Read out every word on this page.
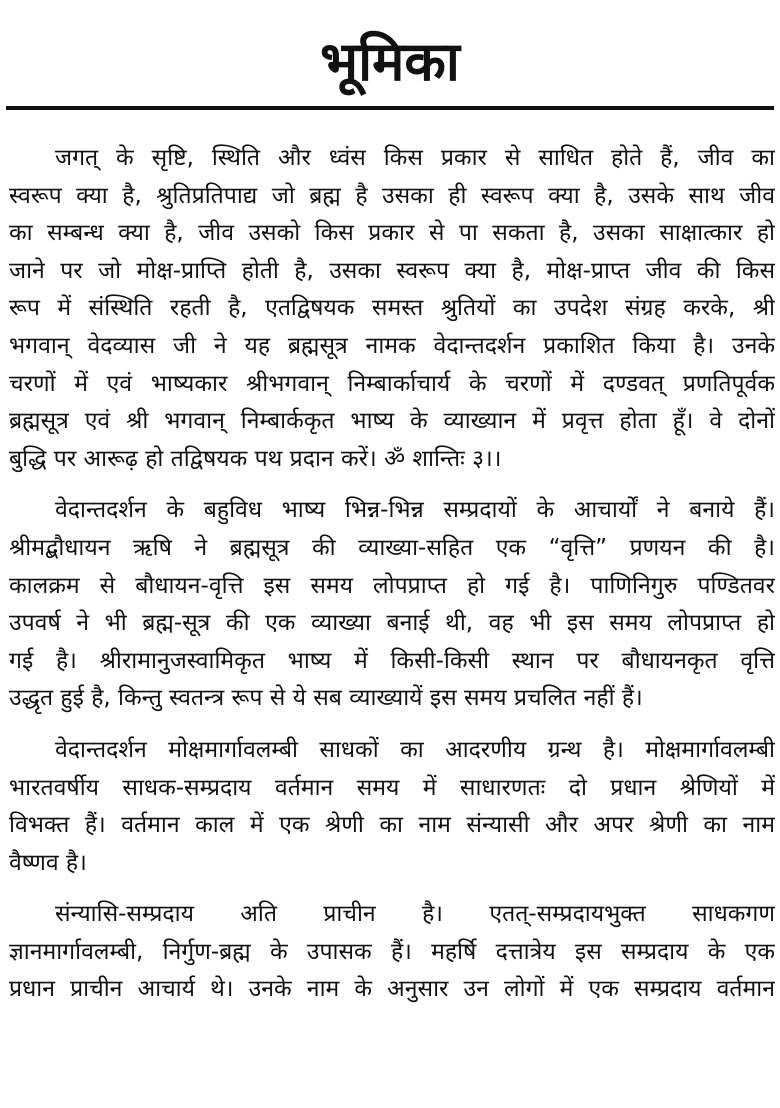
भूमिका
जगत् के सृष्टि, स्थिति और ध्वंस किस प्रकार से साधित होते हैं, जीव का
स्वरूप क्या है, श्रुतिप्रतिपाद्य जो ब्रह्म है उसका ही स्वरूप क्या है, उसके साथ जीव
का सम्बन्ध क्या है, जीव उसको किस प्रकार से पा सकता है, उसका साक्षात्कार हो
जाने पर जो मोक्ष-प्राप्ति होती है, उसका स्वरूप क्या है, मोक्ष-प्राप्त जीव की किस
रूप में संस्थिति रहती है, एतद्विषयक समस्त श्रुतियों का उपदेश संग्रह करके, श्री
भगवान् वेदव्यास जी ने यह ब्रह्मसूत्र नामक वेदान्तदर्शन प्रकाशित किया है। उनके
चरणों में एवं भाष्यकार श्रीभगवान् निम्बार्काचार्य के चरणों में दण्डवत् प्रणतिपूर्वक
ब्रह्मसूत्र एवं श्री भगवान् निम्बार्ककृत भाष्य के व्याख्यान में प्रवृत्त होता हूँ। वे दोनों
बुद्धि पर आरूढ़ हो तद्विषयक पथ प्रदान करें। ॐ शान्तिः ३।।
वेदान्तदर्शन के बहुविध भाष्य भिन्न-भिन्न सम्प्रदायों के आचार्यों ने बनाये हैं।
श्रीमद्बौधायन ऋषि ने ब्रह्मसूत्र की व्याख्या-सहित एक “वृत्ति” प्रणयन की है।
कालक्रम से बौधायन-वृत्ति इस समय लोपप्राप्त हो गई है। पाणिनिगुरु पण्डितवर
उपवर्ष ने भी ब्रह्म-सूत्र की एक व्याख्या बनाई थी, वह भी इस समय लोपप्राप्त हो
गई है। श्रीरामानुजस्वामिकृत भाष्य में किसी-किसी स्थान पर बौधायनकृत वृत्ति
उद्धृत हुई है, किन्तु स्वतन्त्र रूप से ये सब व्याख्यायें इस समय प्रचलित नहीं हैं।
वेदान्तदर्शन मोक्षमार्गावलम्बी साधकों का आदरणीय ग्रन्थ है। मोक्षमार्गावलम्बी
भारतवर्षीय साधक-सम्प्रदाय वर्तमान समय में साधारणतः दो प्रधान श्रेणियों में
विभक्त हैं। वर्तमान काल में एक श्रेणी का नाम संन्यासी और अपर श्रेणी का नाम
वैष्णव है।
संन्यासि-सम्प्रदाय अति प्राचीन है। एतत्-सम्प्रदायभुक्त साधकगण
ज्ञानमार्गावलम्बी, निर्गुण-ब्रह्म के उपासक हैं। महर्षि दत्तात्रेय इस सम्प्रदाय के एक
प्रधान प्राचीन आचार्य थे। उनके नाम के अनुसार उन लोगों में एक सम्प्रदाय वर्तमान
